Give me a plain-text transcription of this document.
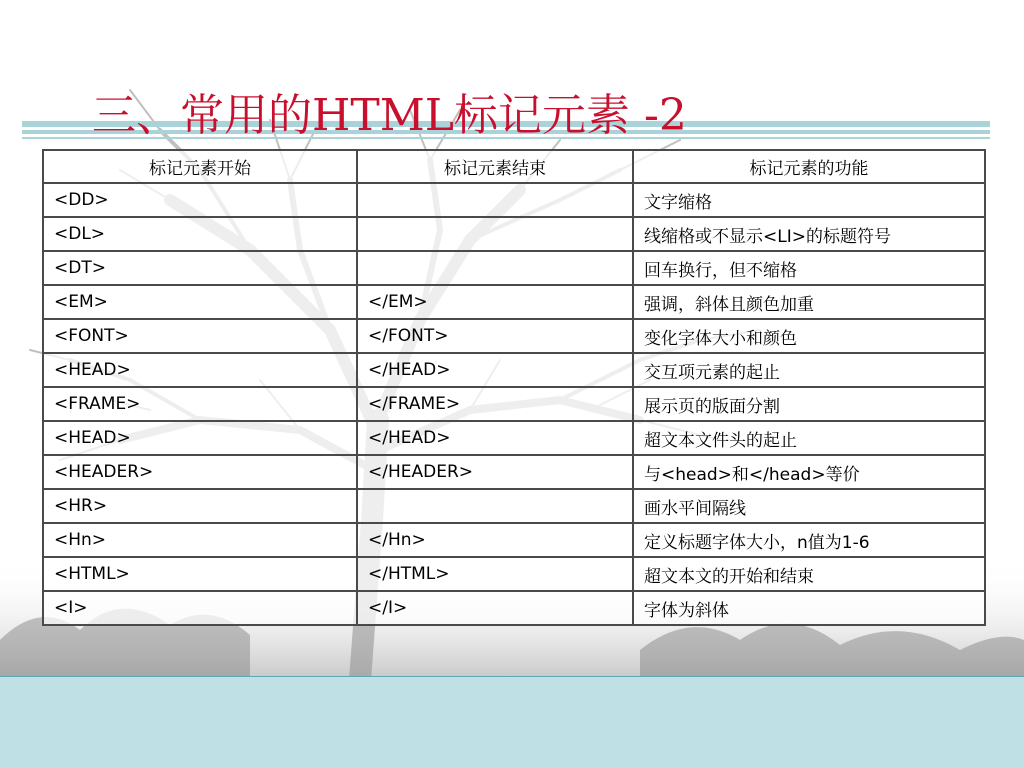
三、常用的HTML标记元素 -2
标记元素开始	标记元素结束	标记元素的功能
<DD>		文字缩格
<DL>		线缩格或不显示<LI>的标题符号
<DT>		回车换行，但不缩格
<EM>	</EM>	强调，斜体且颜色加重
<FONT>	</FONT>	变化字体大小和颜色
<HEAD>	</HEAD>	交互项元素的起止
<FRAME>	</FRAME>	展示页的版面分割
<HEAD>	</HEAD>	超文本文件头的起止
<HEADER>	</HEADER>	与<head>和</head>等价
<HR>		画水平间隔线
<Hn>	</Hn>	定义标题字体大小，n值为1-6
<HTML>	</HTML>	超文本文的开始和结束
<I>	</I>	字体为斜体
